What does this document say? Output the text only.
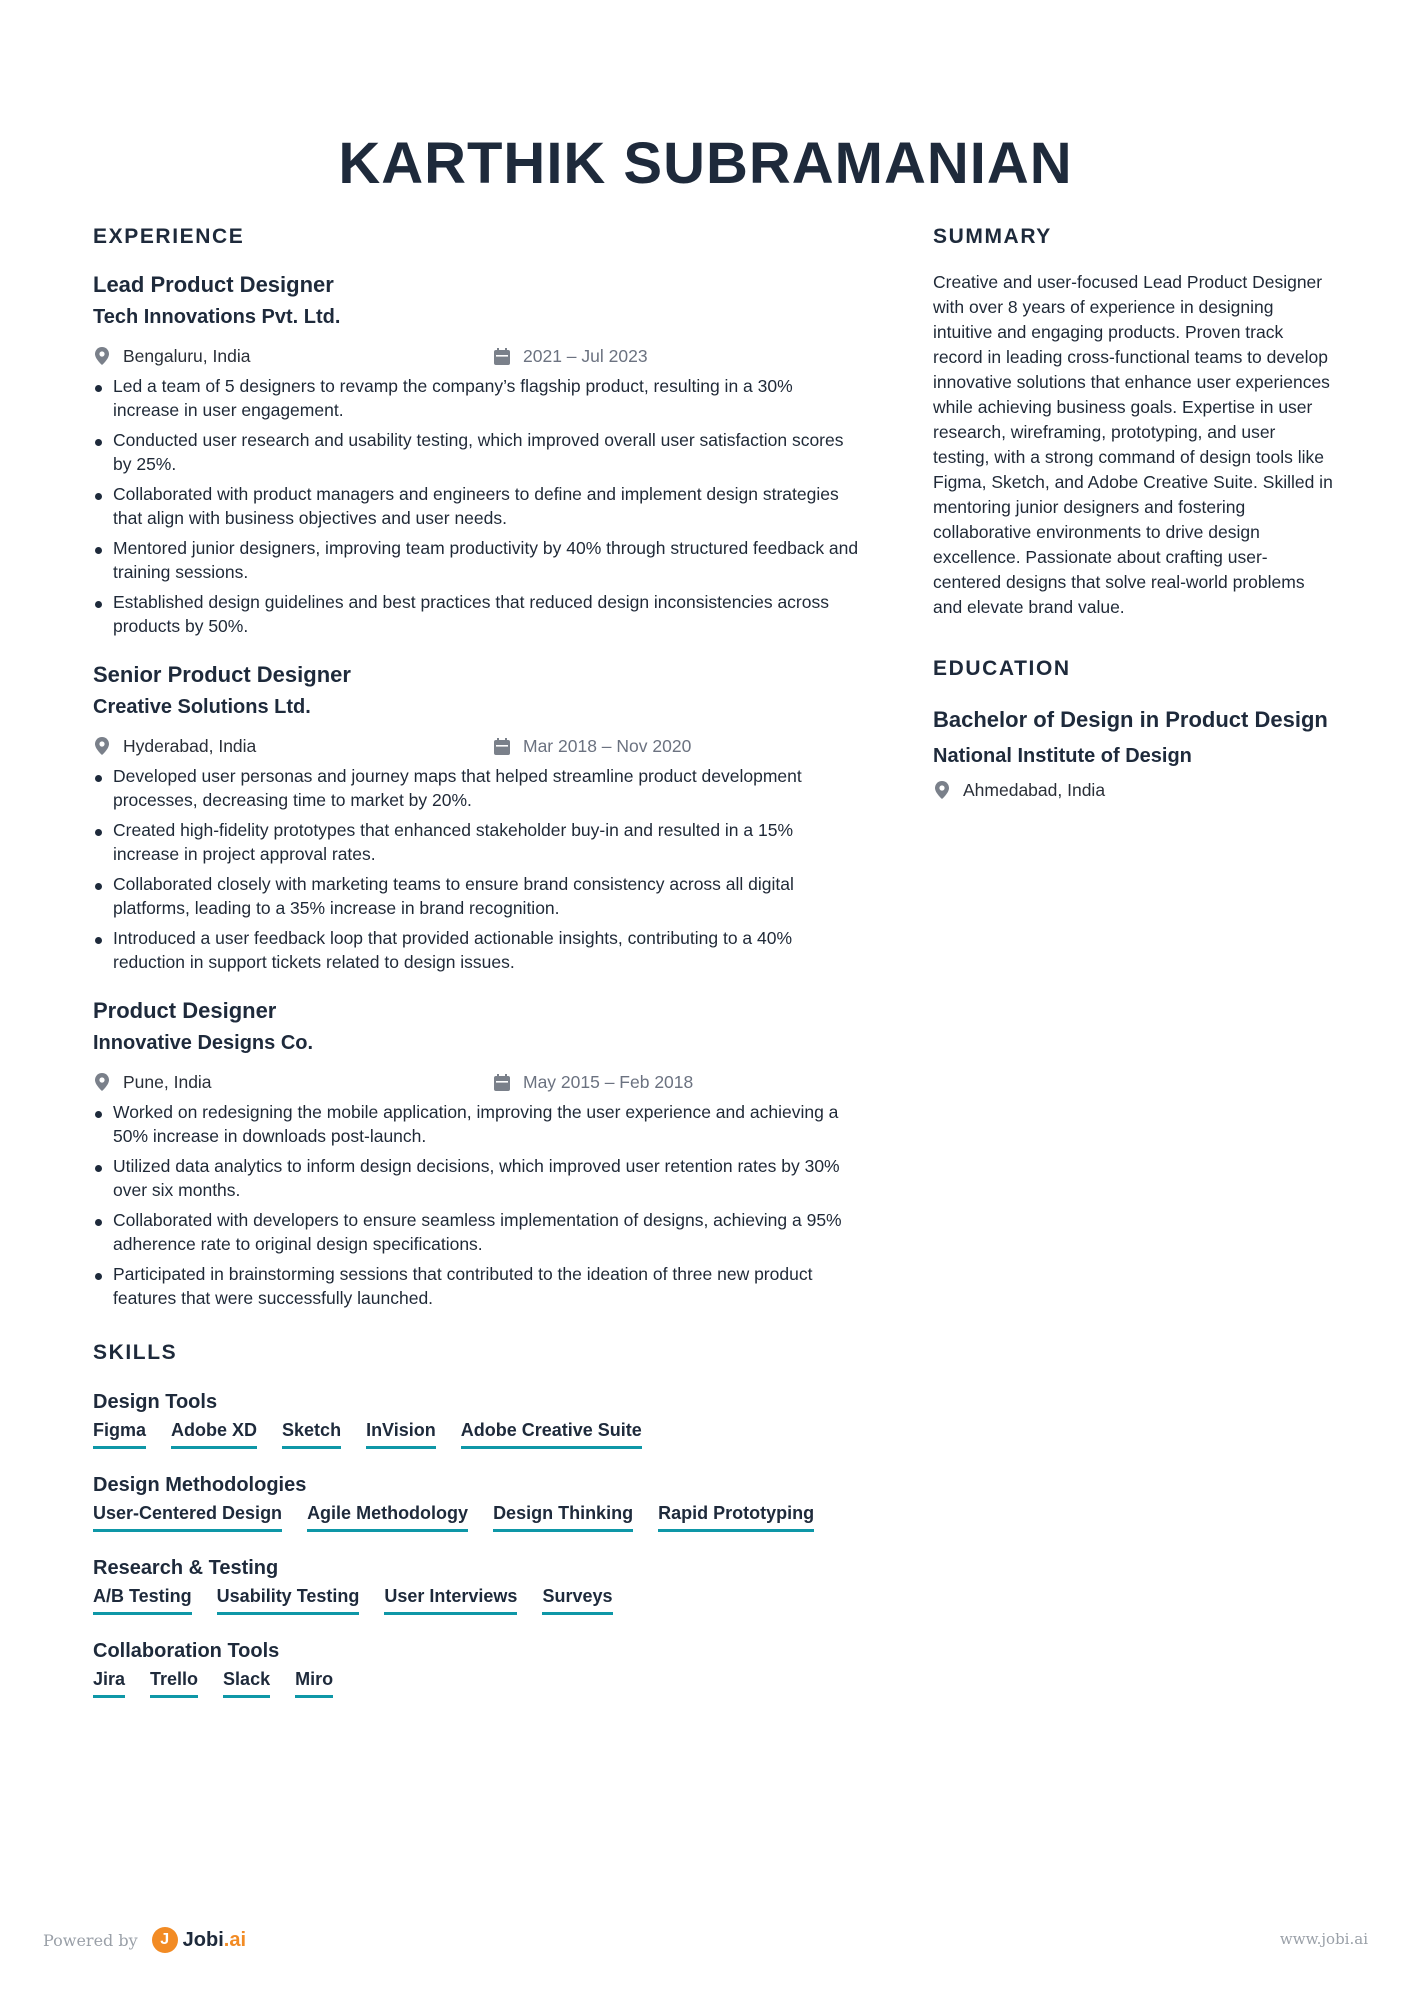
KARTHIK SUBRAMANIAN
EXPERIENCE
Lead Product Designer
Tech Innovations Pvt. Ltd.
Bengaluru, India	2021 – Jul 2023
Led a team of 5 designers to revamp the company’s flagship product, resulting in a 30% increase in user engagement.
Conducted user research and usability testing, which improved overall user satisfaction scores by 25%.
Collaborated with product managers and engineers to define and implement design strategies that align with business objectives and user needs.
Mentored junior designers, improving team productivity by 40% through structured feedback and training sessions.
Established design guidelines and best practices that reduced design inconsistencies across products by 50%.
Senior Product Designer
Creative Solutions Ltd.
Hyderabad, India	Mar 2018 – Nov 2020
Developed user personas and journey maps that helped streamline product development processes, decreasing time to market by 20%.
Created high-fidelity prototypes that enhanced stakeholder buy-in and resulted in a 15% increase in project approval rates.
Collaborated closely with marketing teams to ensure brand consistency across all digital platforms, leading to a 35% increase in brand recognition.
Introduced a user feedback loop that provided actionable insights, contributing to a 40% reduction in support tickets related to design issues.
Product Designer
Innovative Designs Co.
Pune, India	May 2015 – Feb 2018
Worked on redesigning the mobile application, improving the user experience and achieving a 50% increase in downloads post-launch.
Utilized data analytics to inform design decisions, which improved user retention rates by 30% over six months.
Collaborated with developers to ensure seamless implementation of designs, achieving a 95% adherence rate to original design specifications.
Participated in brainstorming sessions that contributed to the ideation of three new product features that were successfully launched.
SKILLS
Design Tools
Figma Adobe XD Sketch InVision Adobe Creative Suite
Design Methodologies
User-Centered Design Agile Methodology Design Thinking Rapid Prototyping
Research & Testing
A/B Testing Usability Testing User Interviews Surveys
Collaboration Tools
Jira Trello Slack Miro
SUMMARY

Creative and user-focused Lead Product Designer with over 8 years of experience in designing intuitive and engaging products. Proven track record in leading cross-functional teams to develop innovative solutions that enhance user experiences while achieving business goals. Expertise in user research, wireframing, prototyping, and user testing, with a strong command of design tools like Figma, Sketch, and Adobe Creative Suite. Skilled in mentoring junior designers and fostering collaborative environments to drive design excellence. Passionate about crafting user-centered designs that solve real-world problems and elevate brand value.

EDUCATION
Bachelor of Design in Product Design
National Institute of Design
Ahmedabad, India
Powered by	J Jobi.ai	www.jobi.ai
